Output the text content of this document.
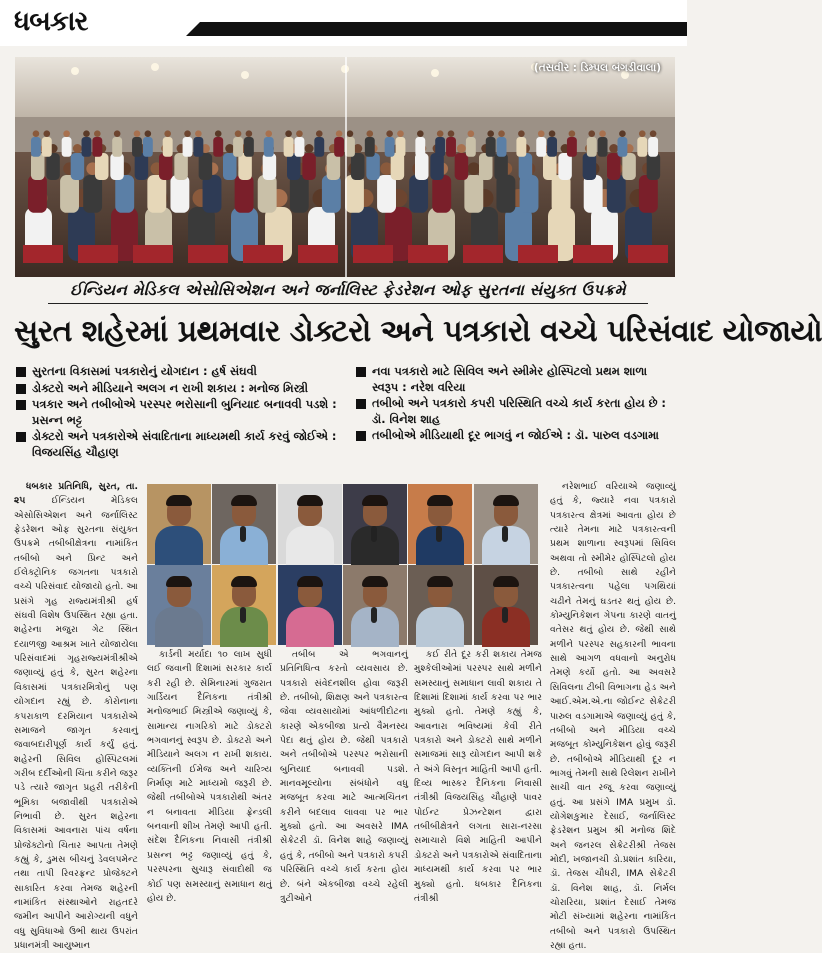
ધબકાર
(તસવીર : ડિમ્પલ બંગડીવાલા)
ઈન્ડિયન મેડિકલ એસોસિએશન અને જર્નાલિસ્ટ ફેડરેશન ઓફ સુરતના સંયુક્ત ઉપક્રમે
સુરત શહેરમાં પ્રથમવાર ડોક્ટરો અને પત્રકારો વચ્ચે પરિસંવાદ યોજાયો
સુરતના વિકાસમાં પત્રકારોનું યોગદાન : હર્ષ સંઘવી
ડોક્ટરો અને મીડિયાને અલગ ન રાખી શકાય : મનોજ મિસ્ત્રી
પત્રકાર અને તબીબોએ પરસ્પર ભરોસાની બુનિયાદ બનાવવી પડશે : પ્રસન્ન ભટ્ટ
ડોક્ટરો અને પત્રકારોએ સંવાદિતાના માધ્યમથી કાર્ય કરવું જોઈએ : વિજયસિંહ ચૌહાણ
નવા પત્રકારો માટે સિવિલ અને સ્મીમેર હોસ્પિટલો પ્રથમ શાળા સ્વરૂપ : નરેશ વરિયા
તબીબો અને પત્રકારો કપરી પરિસ્થિતિ વચ્ચે કાર્ય કરતા હોય છે : ડૉ. વિનેશ શાહ
તબીબોએ મીડિયાથી દૂર ભાગવું ન જોઈએ : ડૉ. પારુલ વડગામા

ધબકાર પ્રતિનિધિ, સુરત, તા. ૨૫	ઈન્ડિયન મેડિકલ એસોસિએશન અને જર્નાલિસ્ટ ફેડરેશન ઓફ સુરતના સંયુક્ત ઉપક્રમે તબીબીક્ષેત્રના નામાંકિત તબીબો અને પ્રિન્ટ અને ઈલેક્ટ્રોનિક જગતના પત્રકારો વચ્ચે પરિસંવાદ યોજાયો હતો. આ પ્રસંગે ગૃહ રાજ્યમંત્રીશ્રી હર્ષ સંઘવી વિશેષ ઉપસ્થિત રહ્યા હતા. શહેરના મજુરા ગેટ સ્થિત દયાળજી આશ્રમ ખાતે યોજાયેલા પરિસંવાદમાં ગૃહરાજ્યમંત્રીશ્રીએ જણાવ્યું હતું કે, સુરત શહેરના વિકાસમાં પત્રકારમિત્રોનું પણ યોગદાન રહ્યું છે. કોરોનાના કપરાકાળ દરમિયાન પત્રકારોએ સમાજને જાગૃત કરવાનું જવાબદારીપૂર્ણ કાર્ય કર્યું હતું. શહેરની સિવિલ હોસ્પિટલમાં ગરીબ દર્દીઓની ચિંતા કરીને જરૂર પડે ત્યારે જાગૃત પ્રહરી તરીકેની ભૂમિકા બજાવીથી પત્રકારોએ નિભાવી છે. સુરત શહેરના વિકાસમાં આવનારા પાંચ વર્ષના પ્રોજેક્ટોનો ચિતાર આપતા તેમણે કહ્યું કે, ડુમસ બીચનું ડેવલપમેન્ટ તથા તાપી રિવરફ્રન્ટ પ્રોજેક્ટને સાકારિત કરવા તેમજ શહેરની નામાંકિત સંસ્થાઓને રાહતદરે જમીન આપીને આરોગ્યની વધુને વધુ સુવિધાઓ ઉભી થાય ઉપરાંત પ્રધાનમંત્રી આયુષ્માન

કાર્ડની મર્યાદા ૧૦ લાખ સુધી લઈ જવાની દિશામાં સરકાર કાર્ય કરી રહી છે. સેમિનારમાં ગુજરાત ગાર્ડિયન દૈનિકના તંત્રીશ્રી મનોજભાઈ મિસ્ત્રીએ જણાવ્યું કે, સામાન્ય નાગરિકો માટે ડોક્ટરો ભગવાનનું સ્વરૂપ છે. ડોક્ટરો અને મીડિયાને અલગ ન રાખી શકાય. વ્યક્તિની ઈમેજ અને ચારિત્ર્ય નિર્માણ માટે માધ્યમો જરૂરી છે. જેથી તબીબોએ પત્રકારોથી અંતર ન બનાવતા મીડિયા ફ્રેન્ડલી બનવાની શીખ તેમણે આપી હતી. સંદેશ દૈનિકના નિવાસી તંત્રીશ્રી પ્રસન્ન ભટ્ટ જણાવ્યું હતું કે, પરસ્પરના સુચારૂ સંવાદોથી જ કોઈ પણ સમસ્યાનું સમાધાન થતું હોય છે.

તબીબ એ ભગવાનનું પ્રતિનિધિત્વ કરતો વ્યવસાય છે. પત્રકારો સંવેદનશીલ હોવા જરૂરી છે. તબીબો, શિક્ષણ અને પત્રકારત્વ જેવા વ્યવસાયોમાં આંધળીદોટના કારણે એકબીજા પ્રત્યે વૈમનસ્ય પેદા થતું હોય છે. જેથી પત્રકારો અને તબીબોએ પરસ્પર ભરોસાની બુનિયાદ બનાવવી પડશે. માનવમૂલ્યોના સંબંધોને વધુ મજબૂત કરવા માટે આત્મચિંતન કરીને બદલાવ લાવવા પર ભાર મુક્યો હતો. આ અવસરે IMA સેક્રેટરી ડૉ. વિનેશ શાહે જણાવ્યું હતું કે, તબીબો અને પત્રકારો કપરી પરિસ્થિતિ વચ્ચે કાર્ય કરતા હોય છે. બંને એકબીજા વચ્ચે રહેલી ત્રુટીઓને

કઈ રીતે દૂર કરી શકાય તેમજ મુશ્કેલીઓમાં પરસ્પર સાથે મળીને સમસ્યાનું સમાધાન લાવી શકાય તે દિશામાં દિશામાં કાર્ય કરવા પર ભાર મુક્યો હતો. તેમણે કહ્યું કે, આવનારા ભવિષ્યમાં કેવી રીતે પત્રકારો અને ડોક્ટરો સાથે મળીને સમાજમાં સારૂ યોગદાન આપી શકે તે અંગે વિસ્તૃત માહિતી આપી હતી. દિવ્ય ભાસ્કર દૈનિકના નિવાસી તંત્રીશ્રી વિજયસિંહ ચૌહાણે પાવર પોઈન્ટ પ્રેઝન્ટેશન દ્વારા તબીબીક્ષેત્રને લગતા સારા-નરસા સમાચારો વિશે માહિતી આપીને ડોક્ટરો અને પત્રકારોએ સંવાદિતાના માધ્યમથી કાર્ય કરવા પર ભાર મુક્યો હતો. ધબકાર દૈનિકના તંત્રીશ્રી

નરેશભાઈ વરિયાએ જણાવ્યું હતું કે, જ્યારે નવા પત્રકારો પત્રકારત્વ ક્ષેત્રમાં આવતા હોય છે ત્યારે તેમના માટે પત્રકારત્વની પ્રથમ શાળાના સ્વરૂપમાં સિવિલ અથવા તો સ્મીમેર હોસ્પિટલો હોય છે. તબીબો સાથે રહીને પત્રકારત્વના પહેલા પગથિયાં ચઢીને તેમનું ઘડતર થતું હોય છે. કોમ્યુનિકેશન ગેપના કારણે વાતનું વતેસર થતું હોય છે. જેથી સાથે મળીને પરસ્પર સહકારની ભાવના સાથે આગળ વધવાનો અનુરોધ તેમણે કર્યો હતો. આ અવસરે સિવિલના ટીબી વિભાગના હેડ અને આઈ.એમ.એ.ના જોઈન્ટ સેક્રેટરી પારુલ વડગામાએ જણાવ્યું હતું કે, તબીબો અને મીડિયા વચ્ચે મજબૂત કોમ્યુનિકેશન હોવું જરૂરી છે. તબીબોએ મીડિયાથી દૂર ન ભાગવું તેમની સાથે રિલેશન રાખીને સાચી વાત રજૂ કરવા જણાવ્યું હતું. આ પ્રસંગે IMA પ્રમુખ ડૉ. યોગેશકુમાર દેસાઈ, જર્નાલિસ્ટ ફેડરેશન પ્રમુખ શ્રી મનોજ શિંદે અને જનરલ સેક્રેટરીશ્રી તેજસ મોદી, ખજાનચી ડો.પ્રશાંત કારિયા, ડૉ. તેજસ ચૌધરી, IMA સેક્રેટરી ડૉ. વિનેશ શાહ, ડૉ. નિર્મલ ચોરારિયા, પ્રશાંત દેસાઈ તેમજ મોટી સંખ્યામાં શહેરના નામાંકિત તબીબો અને પત્રકારો ઉપસ્થિત રહ્યા હતા.
